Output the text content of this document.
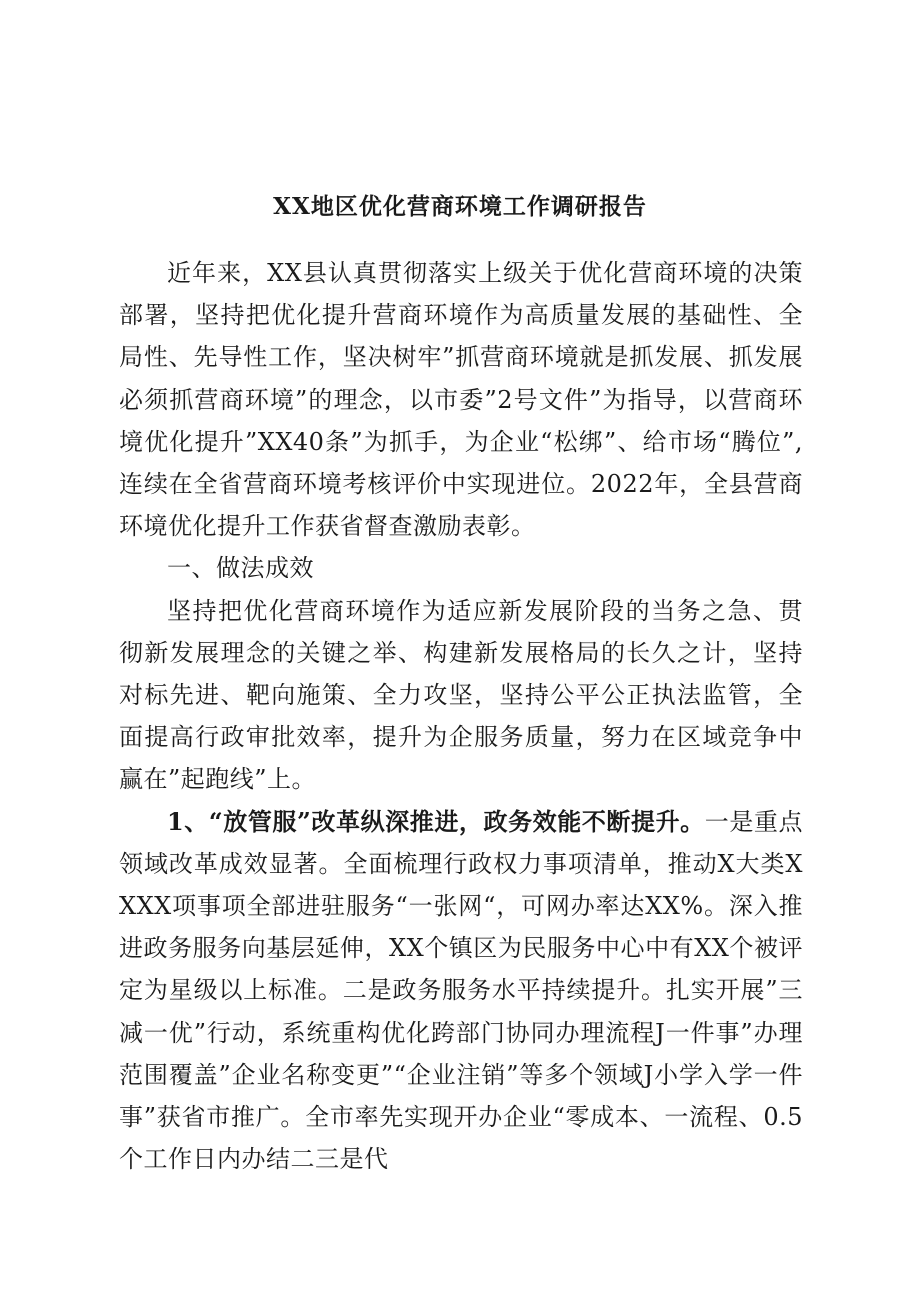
XX地区优化营商环境工作调研报告

近年来，XX县认真贯彻落实上级关于优化营商环境的决策部署，坚持把优化提升营商环境作为高质量发展的基础性、全局性、先导性工作，坚决树牢”抓营商环境就是抓发展、抓发展必须抓营商环境”的理念，以市委”2号文件”为指导，以营商环境优化提升”XX40条”为抓手，为企业“松绑”、给市场“腾位”,连续在全省营商环境考核评价中实现进位。2022年，全县营商环境优化提升工作获省督查激励表彰。

一、做法成效

坚持把优化营商环境作为适应新发展阶段的当务之急、贯彻新发展理念的关键之举、构建新发展格局的长久之计，坚持对标先进、靶向施策、全力攻坚，坚持公平公正执法监管，全面提高行政审批效率，提升为企服务质量，努力在区域竞争中赢在”起跑线”上。

1、“放管服”改革纵深推进，政务效能不断提升。一是重点领域改革成效显著。全面梳理行政权力事项清单，推动X大类XXXX项事项全部进驻服务“一张网“，可网办率达XX%。深入推进政务服务向基层延伸，XX个镇区为民服务中心中有XX个被评定为星级以上标准。二是政务服务水平持续提升。扎实开展”三减一优”行动，系统重构优化跨部门协同办理流程J一件事”办理范围覆盖”企业名称变更”“企业注销”等多个领域J小学入学一件事”获省市推广。全市率先实现开办企业“零成本、一流程、0.5个工作日内办结二三是代
